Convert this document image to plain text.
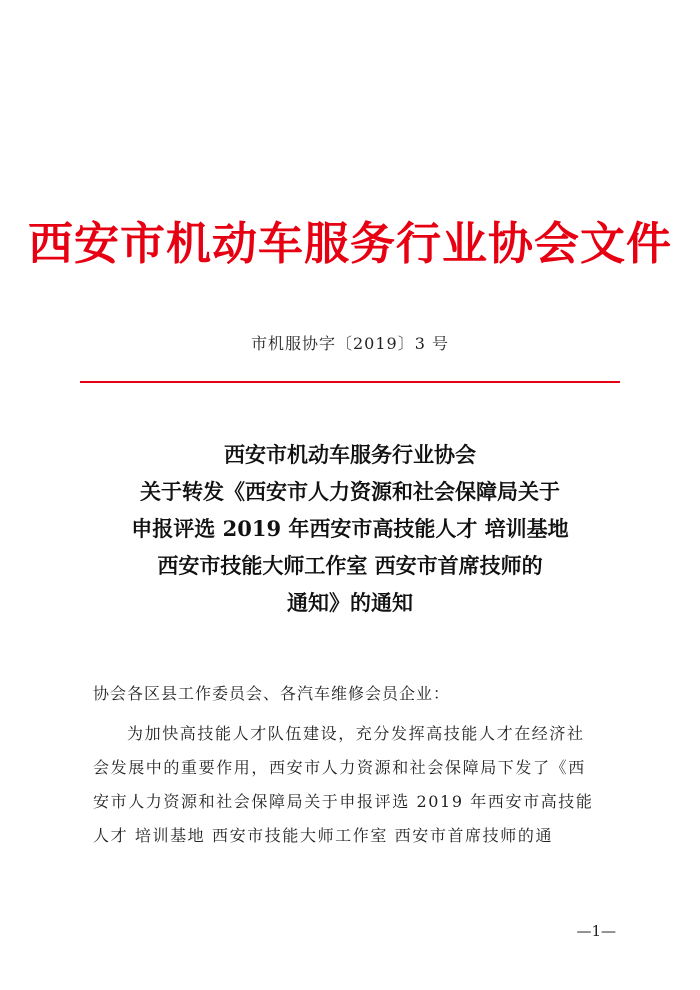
西安市机动车服务行业协会文件
市机服协字〔2019〕3 号
西安市机动车服务行业协会
关于转发《西安市人力资源和社会保障局关于
申报评选 2019 年西安市高技能人才 培训基地
西安市技能大师工作室 西安市首席技师的
通知》的通知
协会各区县工作委员会、各汽车维修会员企业：
为加快高技能人才队伍建设，充分发挥高技能人才在经济社
会发展中的重要作用，西安市人力资源和社会保障局下发了《西
安市人力资源和社会保障局关于申报评选 2019 年西安市高技能
人才 培训基地 西安市技能大师工作室 西安市首席技师的通
—1—
